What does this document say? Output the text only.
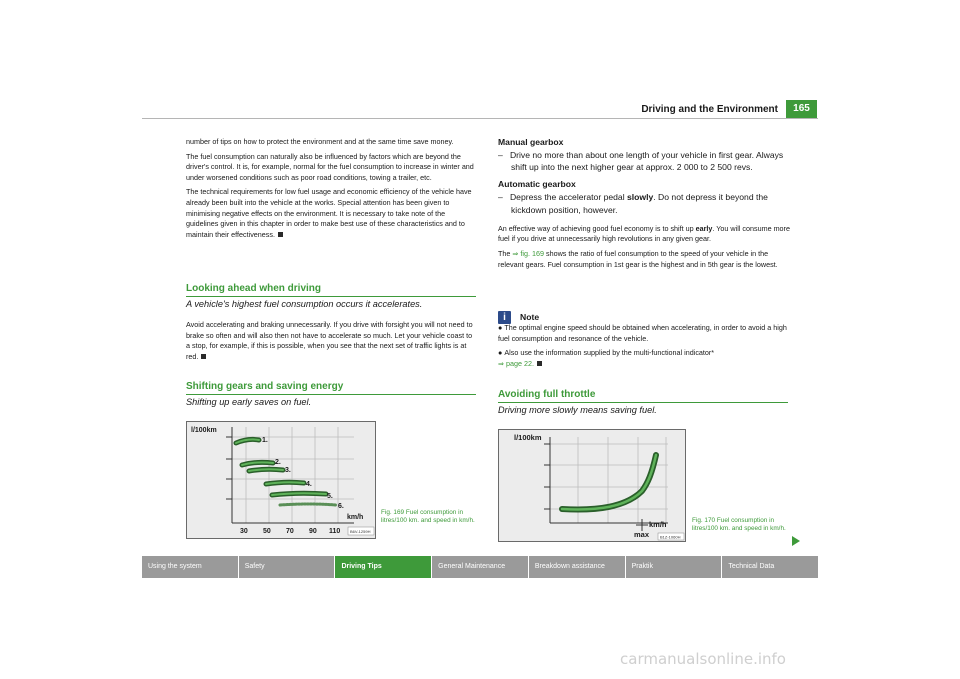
Driving and the Environment	165

number of tips on how to protect the environment and at the same time save money.

The fuel consumption can naturally also be influenced by factors which are beyond the driver's control. It is, for example, normal for the fuel consumption to increase in winter and under worsened conditions such as poor road conditions, towing a trailer, etc.

The technical requirements for low fuel usage and economic efficiency of the vehicle have already been built into the vehicle at the works. Special attention has been given to minimising negative effects on the environment. It is necessary to take note of the guidelines given in this chapter in order to make best use of these characteristics and to maintain their effectiveness.

Looking ahead when driving
A vehicle's highest fuel consumption occurs it accelerates.

Avoid accelerating and braking unnecessarily. If you drive with forsight you will not need to brake so often and will also then not have to accelerate so much. Let your vehicle coast to a stop, for example, if this is possible, when you see that the next set of traffic lights is at red.

Shifting gears and saving energy
Shifting up early saves on fuel.
l/100km
1.
2.
3.
4.
5.
6.
km/h
30 50 70 90 110 B6V-1259H
Fig. 169 Fuel consumption in litres/100 km. and speed in km/h.
Manual gearbox
–   Drive no more than about one length of your vehicle in first gear. Always shift up into the next higher gear at approx. 2 000 to 2 500 revs.
Automatic gearbox
–   Depress the accelerator pedal slowly. Do not depress it beyond the kickdown position, however.

An effective way of achieving good fuel economy is to shift up early. You will consume more fuel if you drive at unnecessarily high revolutions in any given gear.

The ⇒ fig. 169 shows the ratio of fuel consumption to the speed of your vehicle in the relevant gears. Fuel consumption in 1st gear is the highest and in 5th gear is the lowest.

i	Note

● The optimal engine speed should be obtained when accelerating, in order to avoid a high fuel consumption and resonance of the vehicle.

● Also use the information supplied by the multi-functional indicator*
⇒ page 22.

Avoiding full throttle
Driving more slowly means saving fuel.
l/100km
km/h
max	B1Z-1060H
Fig. 170 Fuel consumption in litres/100 km. and speed in km/h.
Using the system	Safety	Driving Tips	General Maintenance	Breakdown assistance	Praktik	Technical Data
carmanualsonline.info
